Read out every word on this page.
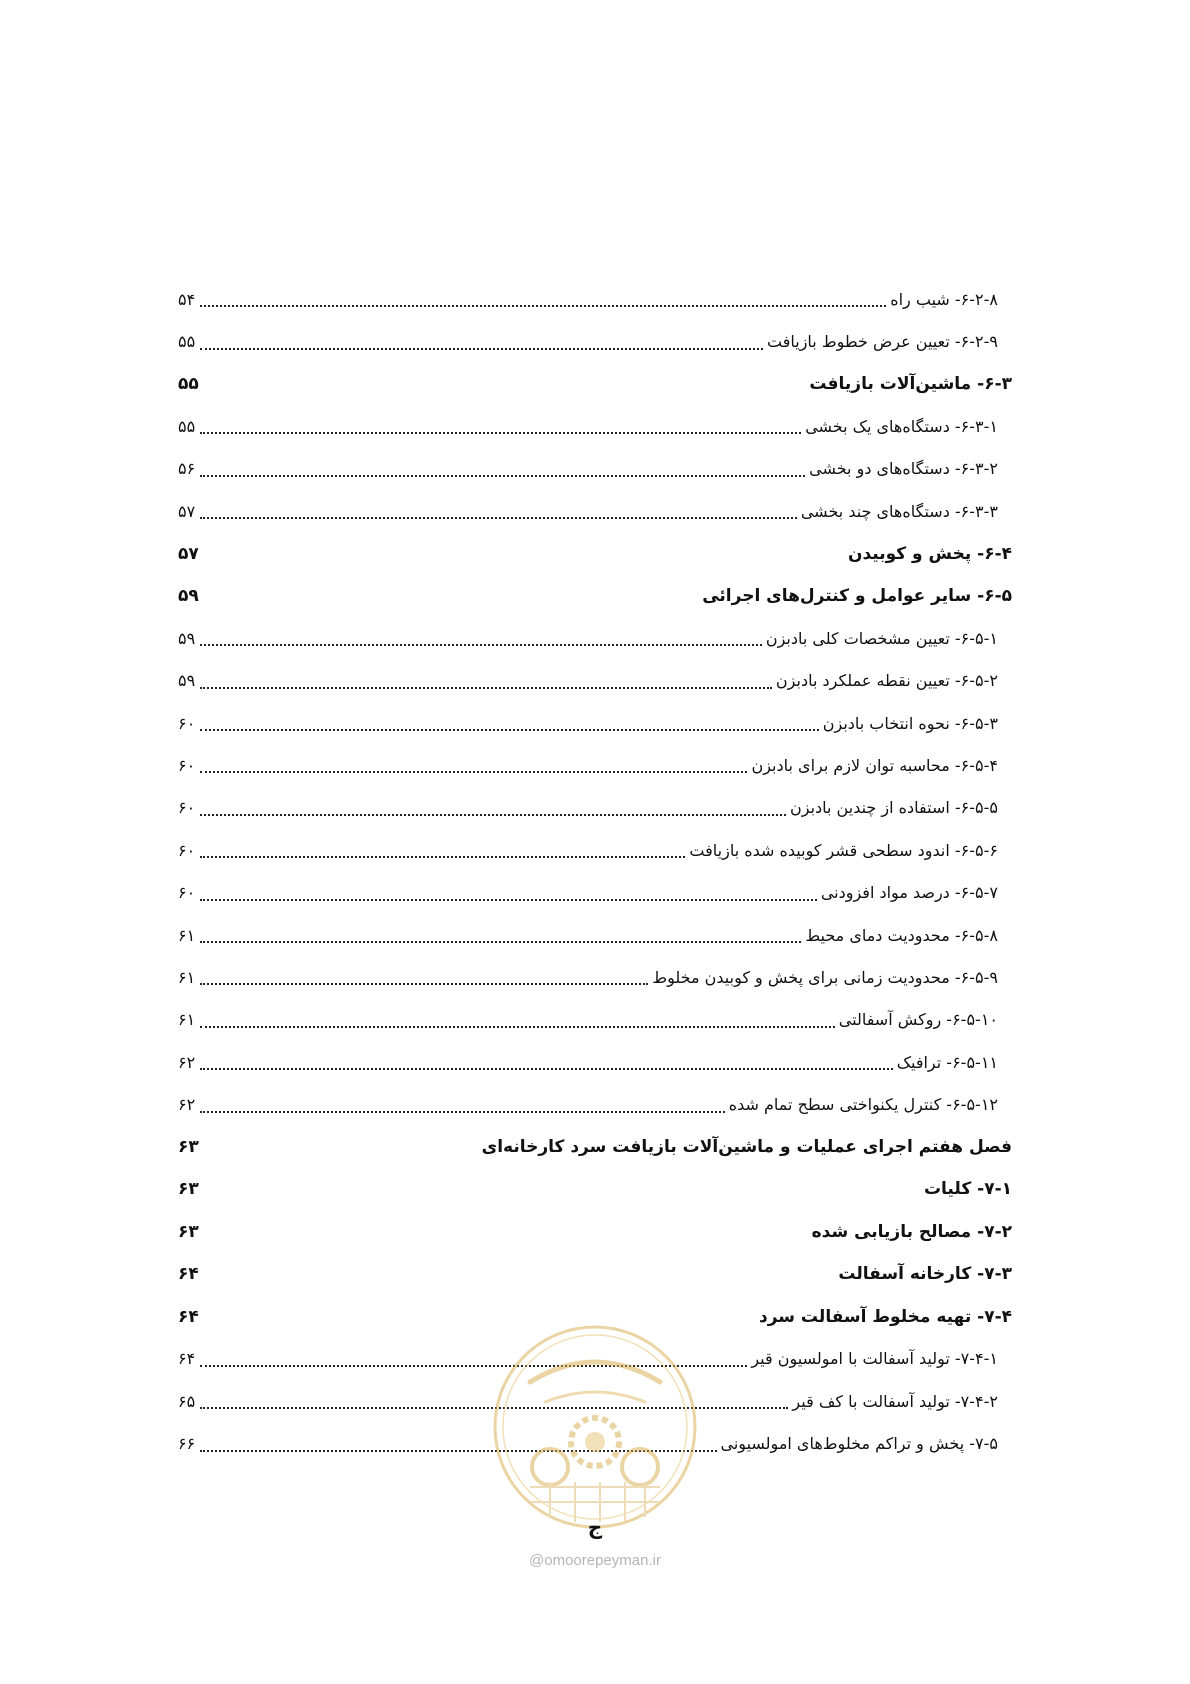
۶-۲-۸- شیب راه
۵۴
۶-۲-۹- تعیین عرض خطوط بازیافت
۵۵
۶-۳- ماشین‌آلات بازیافت
۵۵
۶-۳-۱- دستگاه‌های یک بخشی
۵۵
۶-۳-۲- دستگاه‌های دو بخشی
۵۶
۶-۳-۳- دستگاه‌های چند بخشی
۵۷
۶-۴- پخش و کوبیدن
۵۷
۶-۵- سایر عوامل و کنترل‌های اجرائی
۵۹
۶-۵-۱- تعیین مشخصات کلی بادبزن
۵۹
۶-۵-۲- تعیین نقطه عملکرد بادبزن
۵۹
۶-۵-۳- نحوه انتخاب بادبزن
۶۰
۶-۵-۴- محاسبه توان لازم برای بادبزن
۶۰
۶-۵-۵- استفاده از چندین بادبزن
۶۰
۶-۵-۶- اندود سطحی قشر کوبیده شده بازیافت
۶۰
۶-۵-۷- درصد مواد افزودنی
۶۰
۶-۵-۸- محدودیت دمای محیط
۶۱
۶-۵-۹- محدودیت زمانی برای پخش و کوبیدن مخلوط
۶۱
۶-۵-۱۰- روکش آسفالتی
۶۱
۶-۵-۱۱- ترافیک
۶۲
۶-۵-۱۲- کنترل یکنواختی سطح تمام شده
۶۲
فصل هفتم اجرای عملیات و ماشین‌آلات بازیافت سرد کارخانه‌ای
۶۳
۷-۱- کلیات
۶۳
۷-۲- مصالح بازیابی شده
۶۳
۷-۳- کارخانه آسفالت
۶۴
۷-۴- تهیه مخلوط آسفالت سرد
۶۴
۷-۴-۱- تولید آسفالت با امولسیون قیر
۶۴
۷-۴-۲- تولید آسفالت با کف قیر
۶۵
۷-۵- پخش و تراکم مخلوط‌های امولسیونی
۶۶
ج
@omoorepeyman.ir
